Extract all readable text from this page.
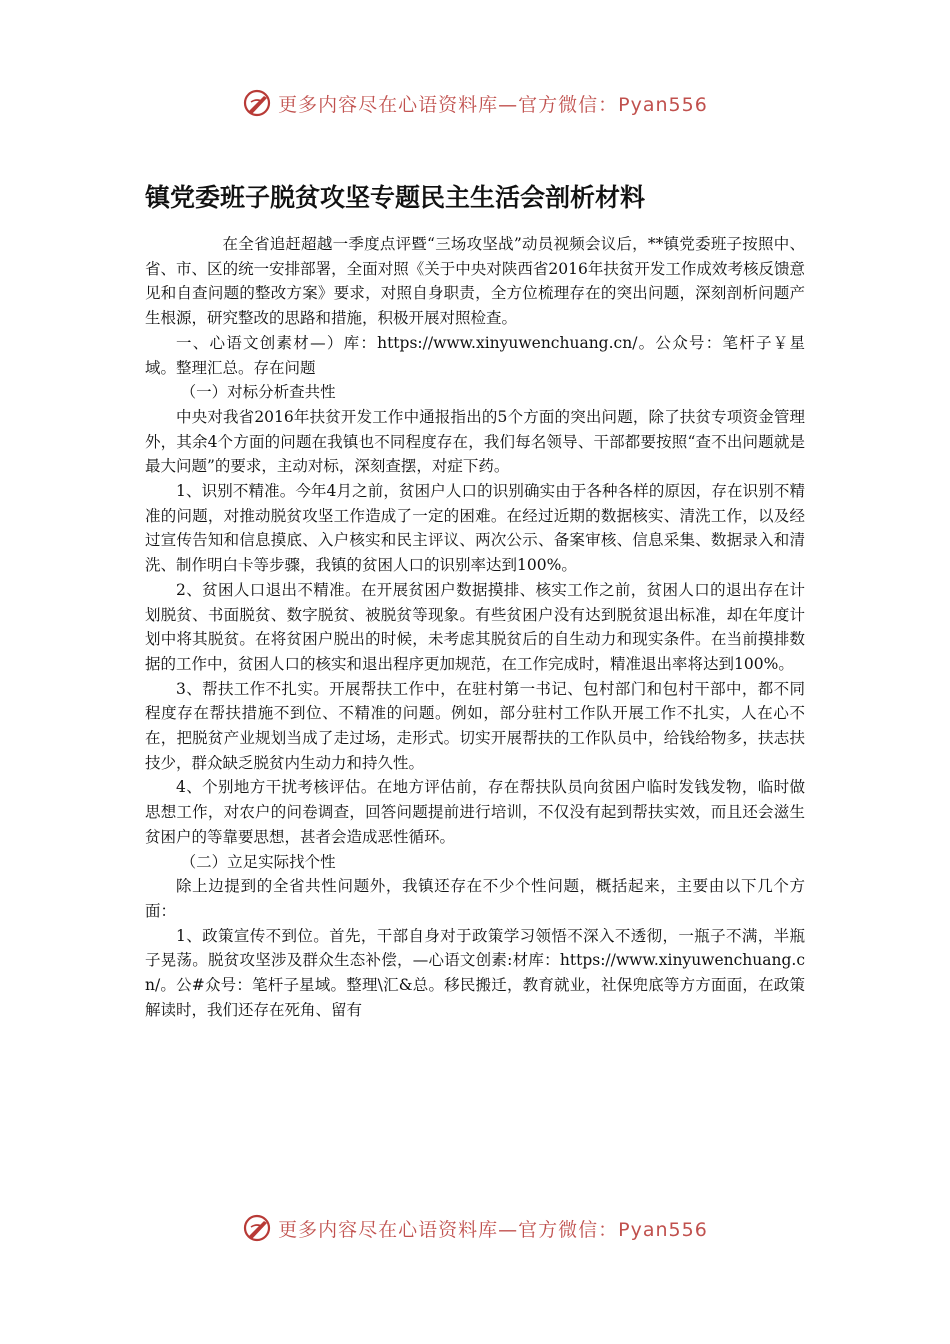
更多内容尽在心语资料库—官方微信：Pyan556
镇党委班子脱贫攻坚专题民主生活会剖析材料

在全省追赶超越一季度点评暨“三场攻坚战”动员视频会议后，**镇党委班子按照中、省、市、区的统一安排部署，全面对照《关于中央对陕西省2016年扶贫开发工作成效考核反馈意见和自查问题的整改方案》要求，对照自身职责，全方位梳理存在的突出问题，深刻剖析问题产生根源，研究整改的思路和措施，积极开展对照检查。

一、心语文创素材—）库：https://www.xinyuwenchuang.cn/。公众号：笔杆子￥星域。整理汇总。存在问题

（一）对标分析查共性

中央对我省2016年扶贫开发工作中通报指出的5个方面的突出问题，除了扶贫专项资金管理外，其余4个方面的问题在我镇也不同程度存在，我们每名领导、干部都要按照“查不出问题就是最大问题”的要求，主动对标，深刻查摆，对症下药。

1、识别不精准。今年4月之前，贫困户人口的识别确实由于各种各样的原因，存在识别不精准的问题，对推动脱贫攻坚工作造成了一定的困难。在经过近期的数据核实、清洗工作，以及经过宣传告知和信息摸底、入户核实和民主评议、两次公示、备案审核、信息采集、数据录入和清洗、制作明白卡等步骤，我镇的贫困人口的识别率达到100%。

2、贫困人口退出不精准。在开展贫困户数据摸排、核实工作之前，贫困人口的退出存在计划脱贫、书面脱贫、数字脱贫、被脱贫等现象。有些贫困户没有达到脱贫退出标准，却在年度计划中将其脱贫。在将贫困户脱出的时候，未考虑其脱贫后的自生动力和现实条件。在当前摸排数据的工作中，贫困人口的核实和退出程序更加规范，在工作完成时，精准退出率将达到100%。

3、帮扶工作不扎实。开展帮扶工作中，在驻村第一书记、包村部门和包村干部中，都不同程度存在帮扶措施不到位、不精准的问题。例如，部分驻村工作队开展工作不扎实，人在心不在，把脱贫产业规划当成了走过场，走形式。切实开展帮扶的工作队员中，给钱给物多，扶志扶技少，群众缺乏脱贫内生动力和持久性。

4、个别地方干扰考核评估。在地方评估前，存在帮扶队员向贫困户临时发钱发物，临时做思想工作，对农户的问卷调查，回答问题提前进行培训，不仅没有起到帮扶实效，而且还会滋生贫困户的等靠要思想，甚者会造成恶性循环。

（二）立足实际找个性

除上边提到的全省共性问题外，我镇还存在不少个性问题，概括起来，主要由以下几个方面：

1、政策宣传不到位。首先，干部自身对于政策学习领悟不深入不透彻，一瓶子不满，半瓶子晃荡。脱贫攻坚涉及群众生态补偿，—心语文创素:材库：https://www.xinyuwenchuang.cn/。公#众号：笔杆子星域。整理\汇&总。移民搬迁，教育就业，社保兜底等方方面面，在政策解读时，我们还存在死角、留有

更多内容尽在心语资料库—官方微信：Pyan556
